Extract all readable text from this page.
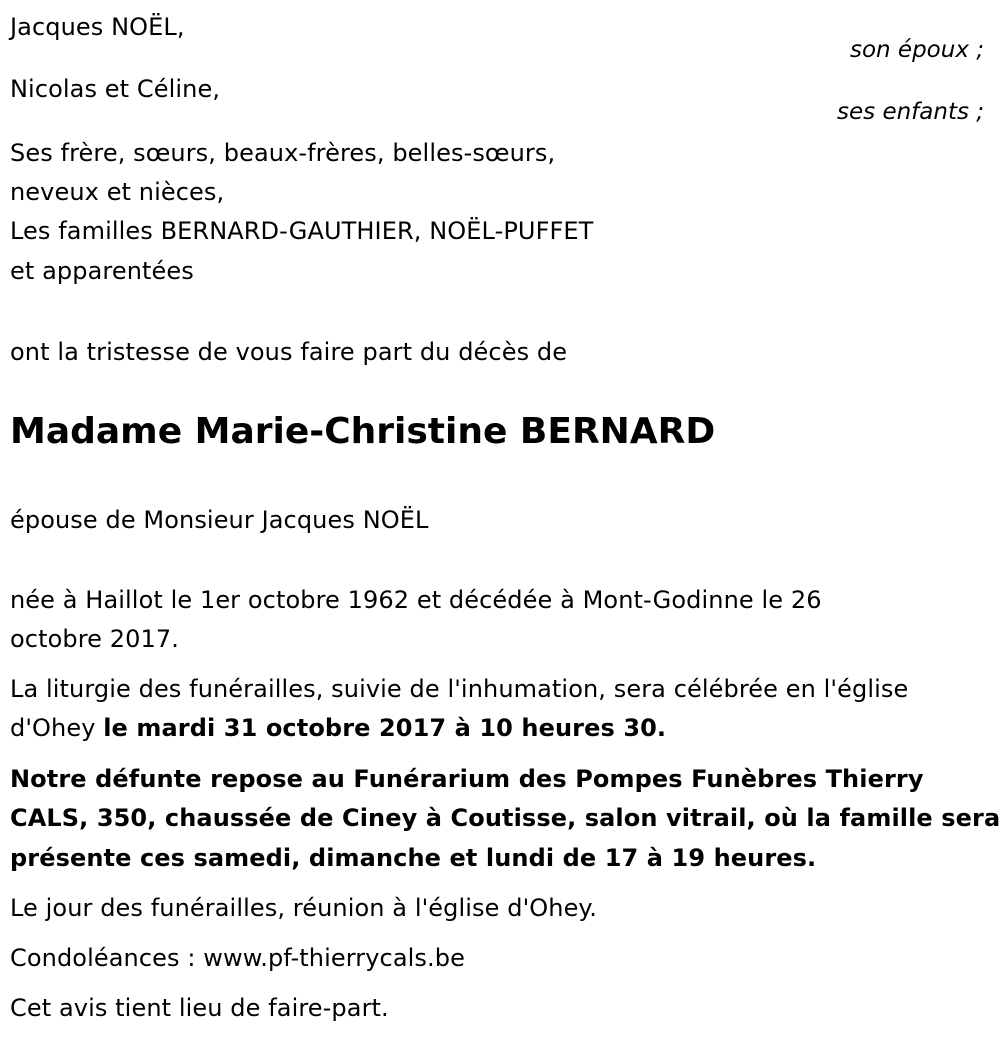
Jacques NOËL,
son époux ;
Nicolas et Céline,
ses enfants ;
Ses frère, sœurs, beaux-frères, belles-sœurs,
neveux et nièces,
Les familles BERNARD-GAUTHIER, NOËL-PUFFET
et apparentées
ont la tristesse de vous faire part du décès de
Madame Marie-Christine BERNARD
épouse de Monsieur Jacques NOËL
née à Haillot le 1er octobre 1962 et décédée à Mont-Godinne le 26
octobre 2017.
La liturgie des funérailles, suivie de l'inhumation, sera célébrée en l'église
d'Ohey le mardi 31 octobre 2017 à 10 heures 30.
Notre défunte repose au Funérarium des Pompes Funèbres Thierry
CALS, 350, chaussée de Ciney à Coutisse, salon vitrail, où la famille sera
présente ces samedi, dimanche et lundi de 17 à 19 heures.
Le jour des funérailles, réunion à l'église d'Ohey.
Condoléances : www.pf-thierrycals.be
Cet avis tient lieu de faire-part.
